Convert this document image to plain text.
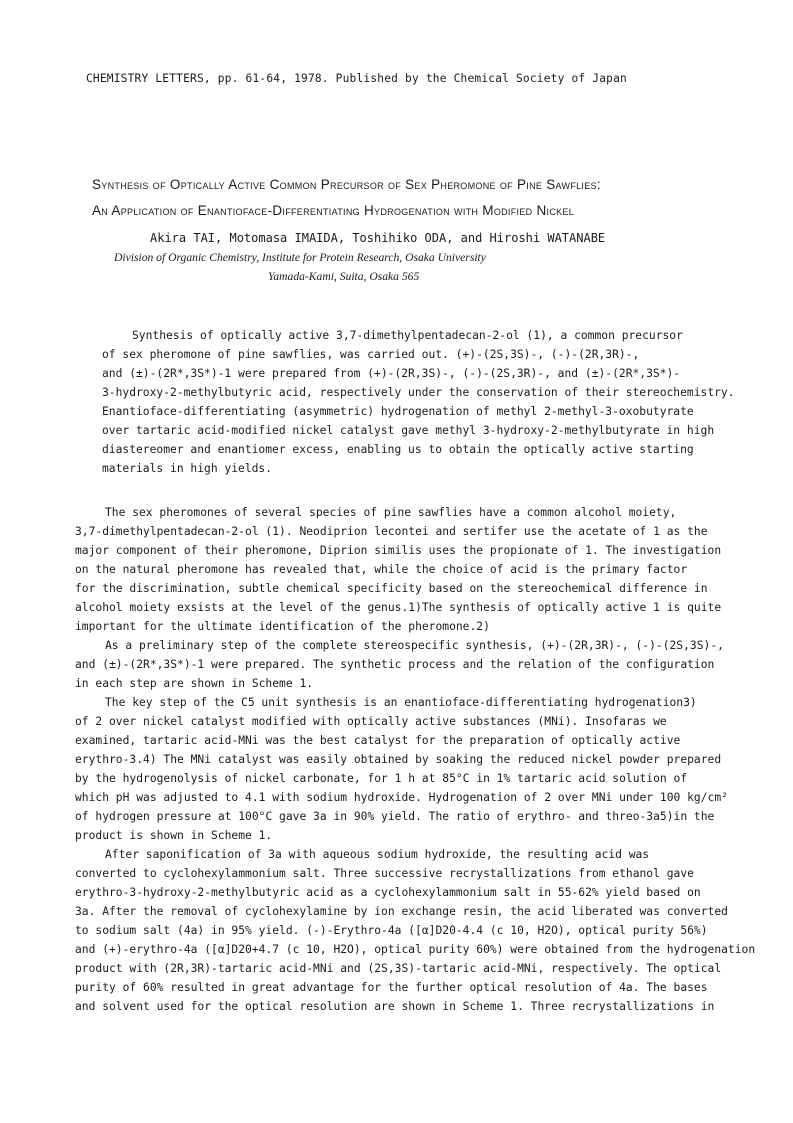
CHEMISTRY LETTERS, pp. 61-64, 1978. Published by the Chemical Society of Japan
Synthesis of Optically Active Common Precursor of Sex Pheromone of Pine Sawflies:
An Application of Enantioface-Differentiating Hydrogenation with Modified Nickel
Akira TAI, Motomasa IMAIDA, Toshihiko ODA, and Hiroshi WATANABE
Division of Organic Chemistry, Institute for Protein Research, Osaka University
Yamada-Kami, Suita, Osaka 565
Synthesis of optically active 3,7-dimethylpentadecan-2-ol (1), a common precursor
of sex pheromone of pine sawflies, was carried out. (+)-(2S,3S)-, (-)-(2R,3R)-,
and (±)-(2R*,3S*)-1 were prepared from (+)-(2R,3S)-, (-)-(2S,3R)-, and (±)-(2R*,3S*)-
3-hydroxy-2-methylbutyric acid, respectively under the conservation of their stereochemistry.
Enantioface-differentiating (asymmetric) hydrogenation of methyl 2-methyl-3-oxobutyrate
over tartaric acid-modified nickel catalyst gave methyl 3-hydroxy-2-methylbutyrate in high
diastereomer and enantiomer excess, enabling us to obtain the optically active starting
materials in high yields.
The sex pheromones of several species of pine sawflies have a common alcohol moiety,
3,7-dimethylpentadecan-2-ol (1). Neodiprion lecontei and sertifer use the acetate of 1 as the
major component of their pheromone, Diprion similis uses the propionate of 1. The investigation
on the natural pheromone has revealed that, while the choice of acid is the primary factor
for the discrimination, subtle chemical specificity based on the stereochemical difference in
alcohol moiety exsists at the level of the genus.1)The synthesis of optically active 1 is quite
important for the ultimate identification of the pheromone.2)
As a preliminary step of the complete stereospecific synthesis, (+)-(2R,3R)-, (-)-(2S,3S)-,
and (±)-(2R*,3S*)-1 were prepared. The synthetic process and the relation of the configuration
in each step are shown in Scheme 1.
The key step of the C5 unit synthesis is an enantioface-differentiating hydrogenation3)
of 2 over nickel catalyst modified with optically active substances (MNi). Insofaras we
examined, tartaric acid-MNi was the best catalyst for the preparation of optically active
erythro-3.4) The MNi catalyst was easily obtained by soaking the reduced nickel powder prepared
by the hydrogenolysis of nickel carbonate, for 1 h at 85°C in 1% tartaric acid solution of
which pH was adjusted to 4.1 with sodium hydroxide. Hydrogenation of 2 over MNi under 100 kg/cm²
of hydrogen pressure at 100°C gave 3a in 90% yield. The ratio of erythro- and threo-3a5)in the
product is shown in Scheme 1.
After saponification of 3a with aqueous sodium hydroxide, the resulting acid was
converted to cyclohexylammonium salt. Three successive recrystallizations from ethanol gave
erythro-3-hydroxy-2-methylbutyric acid as a cyclohexylammonium salt in 55-62% yield based on
3a. After the removal of cyclohexylamine by ion exchange resin, the acid liberated was converted
to sodium salt (4a) in 95% yield. (-)-Erythro-4a ([α]D20-4.4 (c 10, H2O), optical purity 56%)
and (+)-erythro-4a ([α]D20+4.7 (c 10, H2O), optical purity 60%) were obtained from the hydrogenation
product with (2R,3R)-tartaric acid-MNi and (2S,3S)-tartaric acid-MNi, respectively. The optical
purity of 60% resulted in great advantage for the further optical resolution of 4a. The bases
and solvent used for the optical resolution are shown in Scheme 1. Three recrystallizations in
